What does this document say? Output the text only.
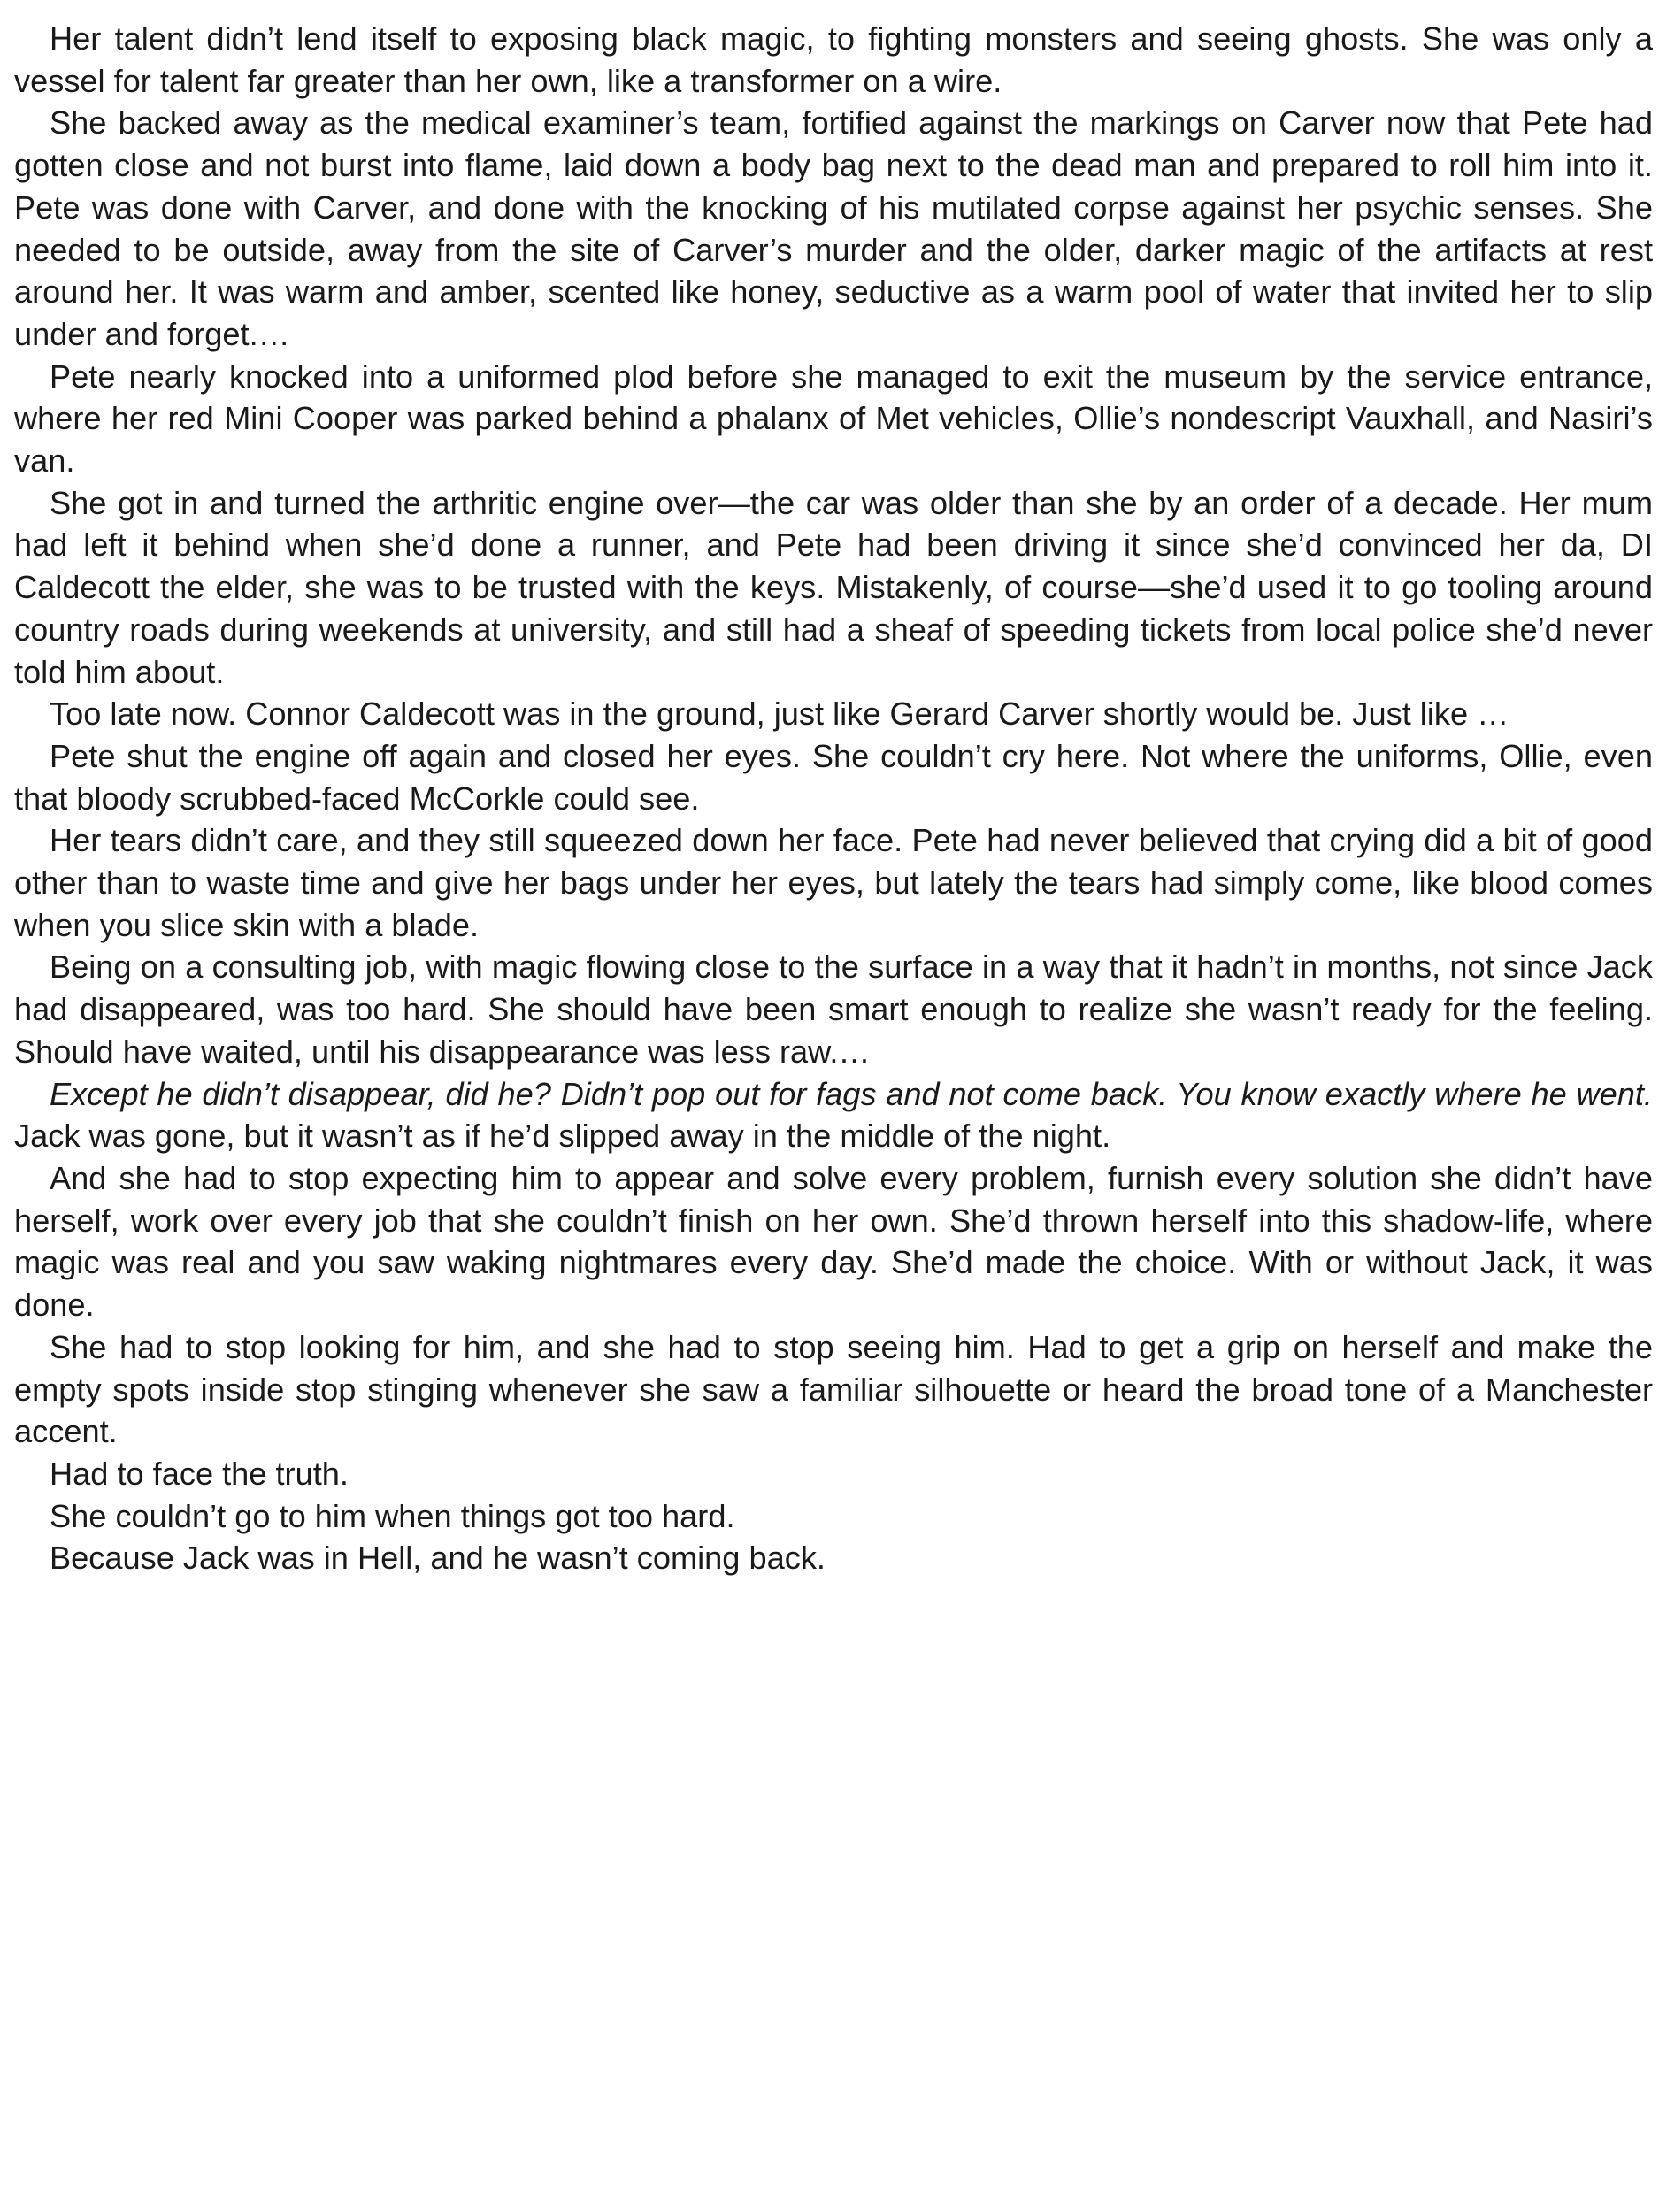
Her talent didn’t lend itself to exposing black magic, to fighting monsters and seeing ghosts. She was only a vessel for talent far greater than her own, like a transformer on a wire.

She backed away as the medical examiner’s team, fortified against the markings on Carver now that Pete had gotten close and not burst into flame, laid down a body bag next to the dead man and prepared to roll him into it. Pete was done with Carver, and done with the knocking of his mutilated corpse against her psychic senses. She needed to be outside, away from the site of Carver’s murder and the older, darker magic of the artifacts at rest around her. It was warm and amber, scented like honey, seductive as a warm pool of water that invited her to slip under and forget.…

Pete nearly knocked into a uniformed plod before she managed to exit the museum by the service entrance, where her red Mini Cooper was parked behind a phalanx of Met vehicles, Ollie’s nondescript Vauxhall, and Nasiri’s van.

She got in and turned the arthritic engine over—the car was older than she by an order of a decade. Her mum had left it behind when she’d done a runner, and Pete had been driving it since she’d convinced her da, DI Caldecott the elder, she was to be trusted with the keys. Mistakenly, of course—she’d used it to go tooling around country roads during weekends at university, and still had a sheaf of speeding tickets from local police she’d never told him about.

Too late now. Connor Caldecott was in the ground, just like Gerard Carver shortly would be. Just like …

Pete shut the engine off again and closed her eyes. She couldn’t cry here. Not where the uniforms, Ollie, even that bloody scrubbed-faced McCorkle could see.

Her tears didn’t care, and they still squeezed down her face. Pete had never believed that crying did a bit of good other than to waste time and give her bags under her eyes, but lately the tears had simply come, like blood comes when you slice skin with a blade.

Being on a consulting job, with magic flowing close to the surface in a way that it hadn’t in months, not since Jack had disappeared, was too hard. She should have been smart enough to realize she wasn’t ready for the feeling. Should have waited, until his disappearance was less raw.…

Except he didn’t disappear, did he? Didn’t pop out for fags and not come back. You know exactly where he went. Jack was gone, but it wasn’t as if he’d slipped away in the middle of the night.

And she had to stop expecting him to appear and solve every problem, furnish every solution she didn’t have herself, work over every job that she couldn’t finish on her own. She’d thrown herself into this shadow-life, where magic was real and you saw waking nightmares every day. She’d made the choice. With or without Jack, it was done.

She had to stop looking for him, and she had to stop seeing him. Had to get a grip on herself and make the empty spots inside stop stinging whenever she saw a familiar silhouette or heard the broad tone of a Manchester accent.

Had to face the truth.

She couldn’t go to him when things got too hard.

Because Jack was in Hell, and he wasn’t coming back.
